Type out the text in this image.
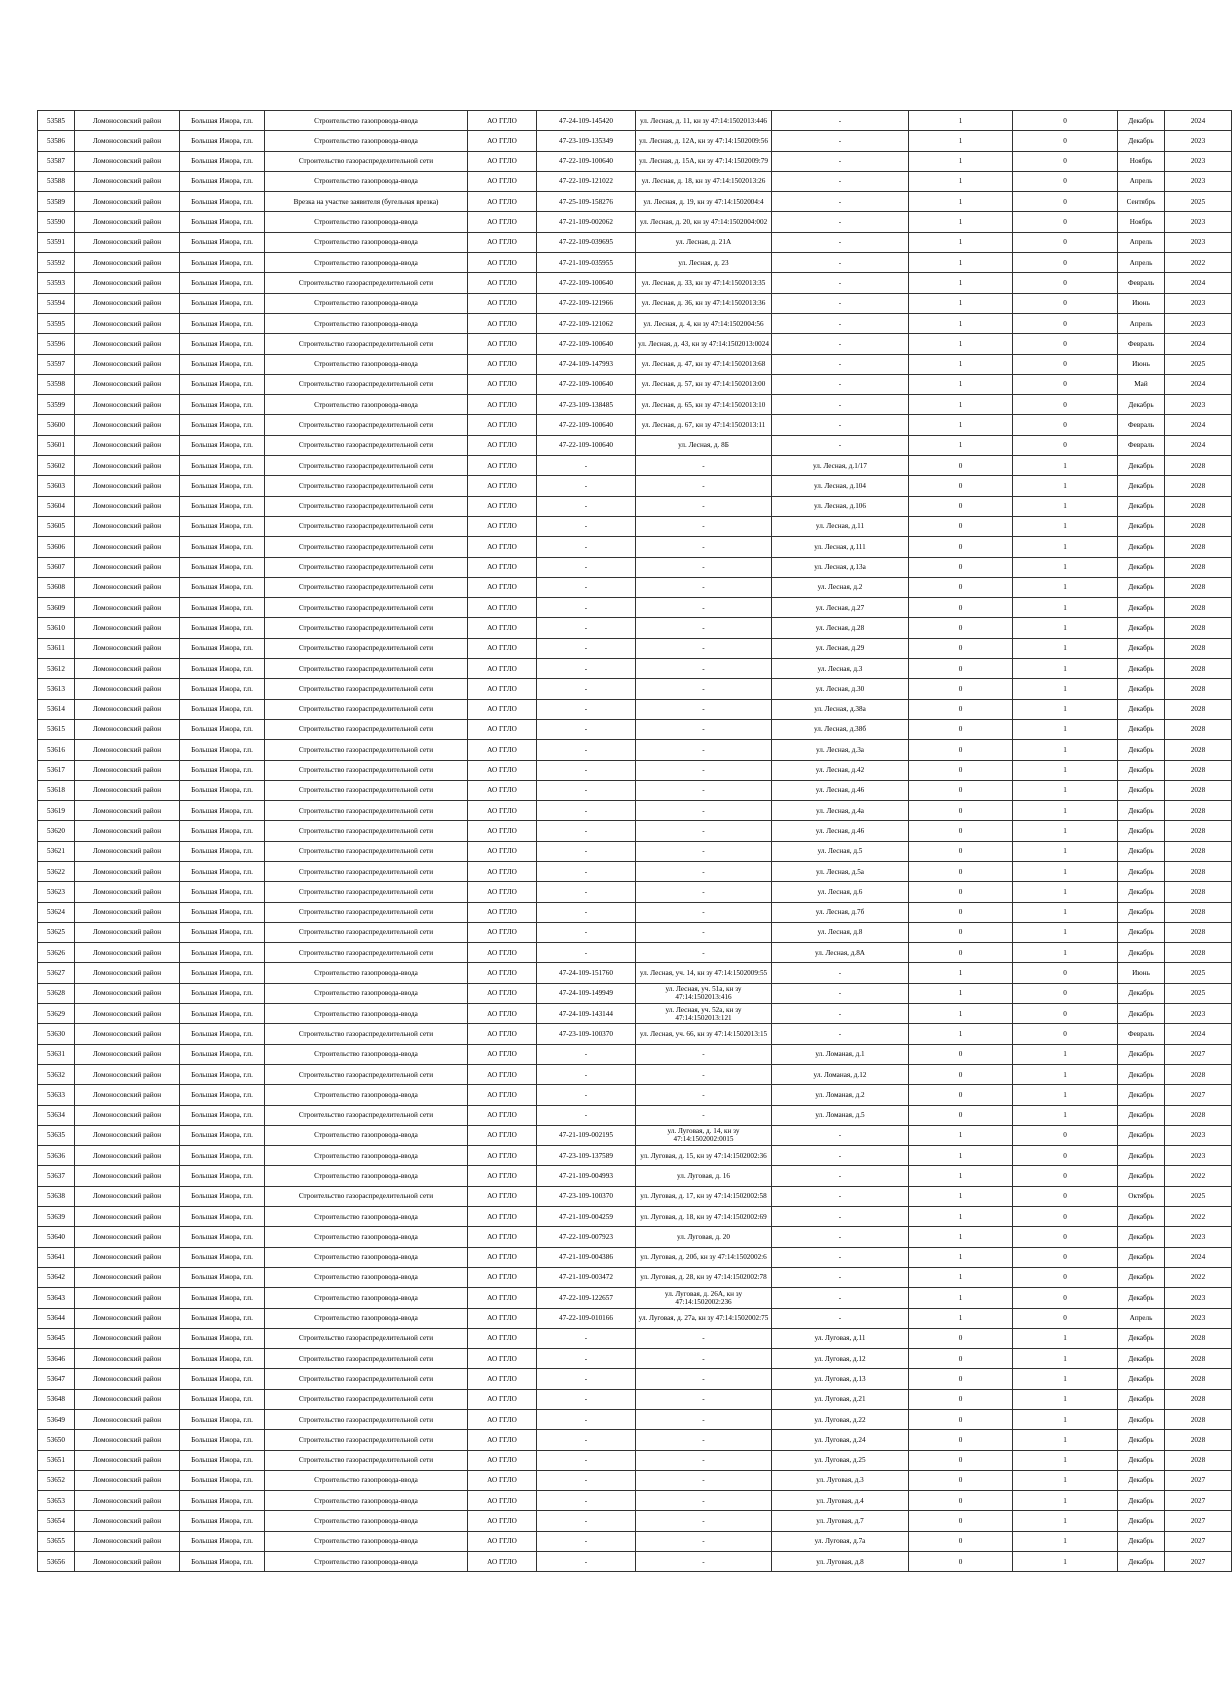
53585	Ломоносовский район	Большая Ижора, г.п.	Строительство газопровода-ввода	АО ГГЛО	47-24-109-145420	ул. Лесная, д. 11, кн зу 47:14:1502013:446	-	1	0	Декабрь	2024
53586	Ломоносовский район	Большая Ижора, г.п.	Строительство газопровода-ввода	АО ГГЛО	47-23-109-135349	ул. Лесная, д. 12А, кн зу 47:14:1502009:56	-	1	0	Декабрь	2023
53587	Ломоносовский район	Большая Ижора, г.п.	Строительство газораспределительной сети	АО ГГЛО	47-22-109-100640	ул. Лесная, д. 15А, кн зу 47:14:1502009:79	-	1	0	Ноябрь	2023
53588	Ломоносовский район	Большая Ижора, г.п.	Строительство газопровода-ввода	АО ГГЛО	47-22-109-121022	ул. Лесная, д. 18, кн зу 47:14:1502013:26	-	1	0	Апрель	2023
53589	Ломоносовский район	Большая Ижора, г.п.	Врезка на участке заявителя (бугельная врезка)	АО ГГЛО	47-25-109-158276	ул. Лесная, д. 19, кн зу 47:14:1502004:4	-	1	0	Сентябрь	2025
53590	Ломоносовский район	Большая Ижора, г.п.	Строительство газопровода-ввода	АО ГГЛО	47-21-109-002062	ул. Лесная, д. 20, кн зу 47:14:1502004:002	-	1	0	Ноябрь	2023
53591	Ломоносовский район	Большая Ижора, г.п.	Строительство газопровода-ввода	АО ГГЛО	47-22-109-039695	ул. Лесная, д. 21А	-	1	0	Апрель	2023
53592	Ломоносовский район	Большая Ижора, г.п.	Строительство газопровода-ввода	АО ГГЛО	47-21-109-035955	ул. Лесная, д. 23	-	1	0	Апрель	2022
53593	Ломоносовский район	Большая Ижора, г.п.	Строительство газораспределительной сети	АО ГГЛО	47-22-109-100640	ул. Лесная, д. 33, кн зу 47:14:1502013:35	-	1	0	Февраль	2024
53594	Ломоносовский район	Большая Ижора, г.п.	Строительство газопровода-ввода	АО ГГЛО	47-22-109-121966	ул. Лесная, д. 36, кн зу 47:14:1502013:36	-	1	0	Июнь	2023
53595	Ломоносовский район	Большая Ижора, г.п.	Строительство газопровода-ввода	АО ГГЛО	47-22-109-121062	ул. Лесная, д. 4, кн зу 47:14:1502004:56	-	1	0	Апрель	2023
53596	Ломоносовский район	Большая Ижора, г.п.	Строительство газораспределительной сети	АО ГГЛО	47-22-109-100640	ул. Лесная, д. 43, кн зу 47:14:1502013:0024	-	1	0	Февраль	2024
53597	Ломоносовский район	Большая Ижора, г.п.	Строительство газопровода-ввода	АО ГГЛО	47-24-109-147993	ул. Лесная, д. 47, кн зу 47:14:1502013:68	-	1	0	Июнь	2025
53598	Ломоносовский район	Большая Ижора, г.п.	Строительство газораспределительной сети	АО ГГЛО	47-22-109-100640	ул. Лесная, д. 57, кн зу 47:14:1502013:00	-	1	0	Май	2024
53599	Ломоносовский район	Большая Ижора, г.п.	Строительство газопровода-ввода	АО ГГЛО	47-23-109-138485	ул. Лесная, д. 65, кн зу 47:14:1502013:10	-	1	0	Декабрь	2023
53600	Ломоносовский район	Большая Ижора, г.п.	Строительство газораспределительной сети	АО ГГЛО	47-22-109-100640	ул. Лесная, д. 67, кн зу 47:14:1502013:11	-	1	0	Февраль	2024
53601	Ломоносовский район	Большая Ижора, г.п.	Строительство газораспределительной сети	АО ГГЛО	47-22-109-100640	ул. Лесная, д. 8Б	-	1	0	Февраль	2024
53602	Ломоносовский район	Большая Ижора, г.п.	Строительство газораспределительной сети	АО ГГЛО	-	-	ул. Лесная, д.1/17	0	1	Декабрь	2028
53603	Ломоносовский район	Большая Ижора, г.п.	Строительство газораспределительной сети	АО ГГЛО	-	-	ул. Лесная, д.104	0	1	Декабрь	2028
53604	Ломоносовский район	Большая Ижора, г.п.	Строительство газораспределительной сети	АО ГГЛО	-	-	ул. Лесная, д.106	0	1	Декабрь	2028
53605	Ломоносовский район	Большая Ижора, г.п.	Строительство газораспределительной сети	АО ГГЛО	-	-	ул. Лесная, д.11	0	1	Декабрь	2028
53606	Ломоносовский район	Большая Ижора, г.п.	Строительство газораспределительной сети	АО ГГЛО	-	-	ул. Лесная, д.111	0	1	Декабрь	2028
53607	Ломоносовский район	Большая Ижора, г.п.	Строительство газораспределительной сети	АО ГГЛО	-	-	ул. Лесная, д.13а	0	1	Декабрь	2028
53608	Ломоносовский район	Большая Ижора, г.п.	Строительство газораспределительной сети	АО ГГЛО	-	-	ул. Лесная, д.2	0	1	Декабрь	2028
53609	Ломоносовский район	Большая Ижора, г.п.	Строительство газораспределительной сети	АО ГГЛО	-	-	ул. Лесная, д.27	0	1	Декабрь	2028
53610	Ломоносовский район	Большая Ижора, г.п.	Строительство газораспределительной сети	АО ГГЛО	-	-	ул. Лесная, д.28	0	1	Декабрь	2028
53611	Ломоносовский район	Большая Ижора, г.п.	Строительство газораспределительной сети	АО ГГЛО	-	-	ул. Лесная, д.29	0	1	Декабрь	2028
53612	Ломоносовский район	Большая Ижора, г.п.	Строительство газораспределительной сети	АО ГГЛО	-	-	ул. Лесная, д.3	0	1	Декабрь	2028
53613	Ломоносовский район	Большая Ижора, г.п.	Строительство газораспределительной сети	АО ГГЛО	-	-	ул. Лесная, д.30	0	1	Декабрь	2028
53614	Ломоносовский район	Большая Ижора, г.п.	Строительство газораспределительной сети	АО ГГЛО	-	-	ул. Лесная, д.38а	0	1	Декабрь	2028
53615	Ломоносовский район	Большая Ижора, г.п.	Строительство газораспределительной сети	АО ГГЛО	-	-	ул. Лесная, д.38б	0	1	Декабрь	2028
53616	Ломоносовский район	Большая Ижора, г.п.	Строительство газораспределительной сети	АО ГГЛО	-	-	ул. Лесная, д.3а	0	1	Декабрь	2028
53617	Ломоносовский район	Большая Ижора, г.п.	Строительство газораспределительной сети	АО ГГЛО	-	-	ул. Лесная, д.42	0	1	Декабрь	2028
53618	Ломоносовский район	Большая Ижора, г.п.	Строительство газораспределительной сети	АО ГГЛО	-	-	ул. Лесная, д.46	0	1	Декабрь	2028
53619	Ломоносовский район	Большая Ижора, г.п.	Строительство газораспределительной сети	АО ГГЛО	-	-	ул. Лесная, д.4а	0	1	Декабрь	2028
53620	Ломоносовский район	Большая Ижора, г.п.	Строительство газораспределительной сети	АО ГГЛО	-	-	ул. Лесная, д.46	0	1	Декабрь	2028
53621	Ломоносовский район	Большая Ижора, г.п.	Строительство газораспределительной сети	АО ГГЛО	-	-	ул. Лесная, д.5	0	1	Декабрь	2028
53622	Ломоносовский район	Большая Ижора, г.п.	Строительство газораспределительной сети	АО ГГЛО	-	-	ул. Лесная, д.5а	0	1	Декабрь	2028
53623	Ломоносовский район	Большая Ижора, г.п.	Строительство газораспределительной сети	АО ГГЛО	-	-	ул. Лесная, д.6	0	1	Декабрь	2028
53624	Ломоносовский район	Большая Ижора, г.п.	Строительство газораспределительной сети	АО ГГЛО	-	-	ул. Лесная, д.7б	0	1	Декабрь	2028
53625	Ломоносовский район	Большая Ижора, г.п.	Строительство газораспределительной сети	АО ГГЛО	-	-	ул. Лесная, д.8	0	1	Декабрь	2028
53626	Ломоносовский район	Большая Ижора, г.п.	Строительство газораспределительной сети	АО ГГЛО	-	-	ул. Лесная, д.8А	0	1	Декабрь	2028
53627	Ломоносовский район	Большая Ижора, г.п.	Строительство газопровода-ввода	АО ГГЛО	47-24-109-151760	ул. Лесная, уч. 14, кн зу 47:14:1502009:55	-	1	0	Июнь	2025
53628	Ломоносовский район	Большая Ижора, г.п.	Строительство газопровода-ввода	АО ГГЛО	47-24-109-149949	ул. Лесная, уч. 51а, кн зу 47:14:1502013:416	-	1	0	Декабрь	2025
53629	Ломоносовский район	Большая Ижора, г.п.	Строительство газопровода-ввода	АО ГГЛО	47-24-109-143144	ул. Лесная, уч. 52а, кн зу 47:14:1502013:121	-	1	0	Декабрь	2023
53630	Ломоносовский район	Большая Ижора, г.п.	Строительство газораспределительной сети	АО ГГЛО	47-23-109-100370	ул. Лесная, уч. 66, кн зу 47:14:1502013:15	-	1	0	Февраль	2024
53631	Ломоносовский район	Большая Ижора, г.п.	Строительство газопровода-ввода	АО ГГЛО	-	-	ул. Ломаная, д.1	0	1	Декабрь	2027
53632	Ломоносовский район	Большая Ижора, г.п.	Строительство газораспределительной сети	АО ГГЛО	-	-	ул. Ломаная, д.12	0	1	Декабрь	2028
53633	Ломоносовский район	Большая Ижора, г.п.	Строительство газопровода-ввода	АО ГГЛО	-	-	ул. Ломаная, д.2	0	1	Декабрь	2027
53634	Ломоносовский район	Большая Ижора, г.п.	Строительство газораспределительной сети	АО ГГЛО	-	-	ул. Ломаная, д.5	0	1	Декабрь	2028
53635	Ломоносовский район	Большая Ижора, г.п.	Строительство газопровода-ввода	АО ГГЛО	47-21-109-002195	ул. Луговая, д. 14, кн зу 47:14:1502002:0015	-	1	0	Декабрь	2023
53636	Ломоносовский район	Большая Ижора, г.п.	Строительство газопровода-ввода	АО ГГЛО	47-23-109-137589	ул. Луговая, д. 15, кн зу 47:14:1502002:36	-	1	0	Декабрь	2023
53637	Ломоносовский район	Большая Ижора, г.п.	Строительство газопровода-ввода	АО ГГЛО	47-21-109-004993	ул. Луговая, д. 16	-	1	0	Декабрь	2022
53638	Ломоносовский район	Большая Ижора, г.п.	Строительство газораспределительной сети	АО ГГЛО	47-23-109-100370	ул. Луговая, д. 17, кн зу 47:14:1502002:58	-	1	0	Октябрь	2025
53639	Ломоносовский район	Большая Ижора, г.п.	Строительство газопровода-ввода	АО ГГЛО	47-21-109-004259	ул. Луговая, д. 18, кн зу 47:14:1502002:69	-	1	0	Декабрь	2022
53640	Ломоносовский район	Большая Ижора, г.п.	Строительство газопровода-ввода	АО ГГЛО	47-22-109-007923	ул. Луговая, д. 20	-	1	0	Декабрь	2023
53641	Ломоносовский район	Большая Ижора, г.п.	Строительство газопровода-ввода	АО ГГЛО	47-21-109-004386	ул. Луговая, д. 20б, кн зу 47:14:1502002:6	-	1	0	Декабрь	2024
53642	Ломоносовский район	Большая Ижора, г.п.	Строительство газопровода-ввода	АО ГГЛО	47-21-109-003472	ул. Луговая, д. 28, кн зу 47:14:1502002:78	-	1	0	Декабрь	2022
53643	Ломоносовский район	Большая Ижора, г.п.	Строительство газопровода-ввода	АО ГГЛО	47-22-109-122657	ул. Луговая, д. 26А, кн зу 47:14:1502002:236	-	1	0	Декабрь	2023
53644	Ломоносовский район	Большая Ижора, г.п.	Строительство газопровода-ввода	АО ГГЛО	47-22-109-010166	ул. Луговая, д. 27а, кн зу 47:14:1502002:75	-	1	0	Апрель	2023
53645	Ломоносовский район	Большая Ижора, г.п.	Строительство газораспределительной сети	АО ГГЛО	-	-	ул. Луговая, д.11	0	1	Декабрь	2028
53646	Ломоносовский район	Большая Ижора, г.п.	Строительство газораспределительной сети	АО ГГЛО	-	-	ул. Луговая, д.12	0	1	Декабрь	2028
53647	Ломоносовский район	Большая Ижора, г.п.	Строительство газораспределительной сети	АО ГГЛО	-	-	ул. Луговая, д.13	0	1	Декабрь	2028
53648	Ломоносовский район	Большая Ижора, г.п.	Строительство газораспределительной сети	АО ГГЛО	-	-	ул. Луговая, д.21	0	1	Декабрь	2028
53649	Ломоносовский район	Большая Ижора, г.п.	Строительство газораспределительной сети	АО ГГЛО	-	-	ул. Луговая, д.22	0	1	Декабрь	2028
53650	Ломоносовский район	Большая Ижора, г.п.	Строительство газораспределительной сети	АО ГГЛО	-	-	ул. Луговая, д.24	0	1	Декабрь	2028
53651	Ломоносовский район	Большая Ижора, г.п.	Строительство газораспределительной сети	АО ГГЛО	-	-	ул. Луговая, д.25	0	1	Декабрь	2028
53652	Ломоносовский район	Большая Ижора, г.п.	Строительство газопровода-ввода	АО ГГЛО	-	-	ул. Луговая, д.3	0	1	Декабрь	2027
53653	Ломоносовский район	Большая Ижора, г.п.	Строительство газопровода-ввода	АО ГГЛО	-	-	ул. Луговая, д.4	0	1	Декабрь	2027
53654	Ломоносовский район	Большая Ижора, г.п.	Строительство газопровода-ввода	АО ГГЛО	-	-	ул. Луговая, д.7	0	1	Декабрь	2027
53655	Ломоносовский район	Большая Ижора, г.п.	Строительство газопровода-ввода	АО ГГЛО	-	-	ул. Луговая, д.7а	0	1	Декабрь	2027
53656	Ломоносовский район	Большая Ижора, г.п.	Строительство газопровода-ввода	АО ГГЛО	-	-	ул. Луговая, д.8	0	1	Декабрь	2027
